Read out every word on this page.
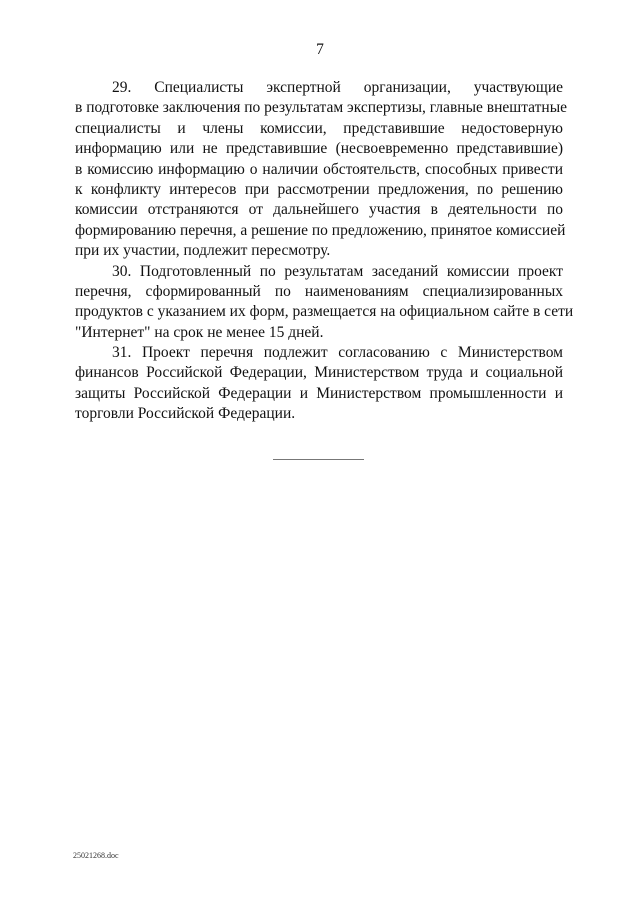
7
29. Специалисты экспертной организации, участвующие
в подготовке заключения по результатам экспертизы, главные внештатные
специалисты и члены комиссии, представившие недостоверную
информацию или не представившие (несвоевременно представившие)
в комиссию информацию о наличии обстоятельств, способных привести
к конфликту интересов при рассмотрении предложения, по решению
комиссии отстраняются от дальнейшего участия в деятельности по
формированию перечня, а решение по предложению, принятое комиссией
при их участии, подлежит пересмотру.
30. Подготовленный по результатам заседаний комиссии проект
перечня, сформированный по наименованиям специализированных
продуктов с указанием их форм, размещается на официальном сайте в сети
"Интернет" на срок не менее 15 дней.
31. Проект перечня подлежит согласованию с Министерством
финансов Российской Федерации, Министерством труда и социальной
защиты Российской Федерации и Министерством промышленности и
торговли Российской Федерации.
25021268.doc
